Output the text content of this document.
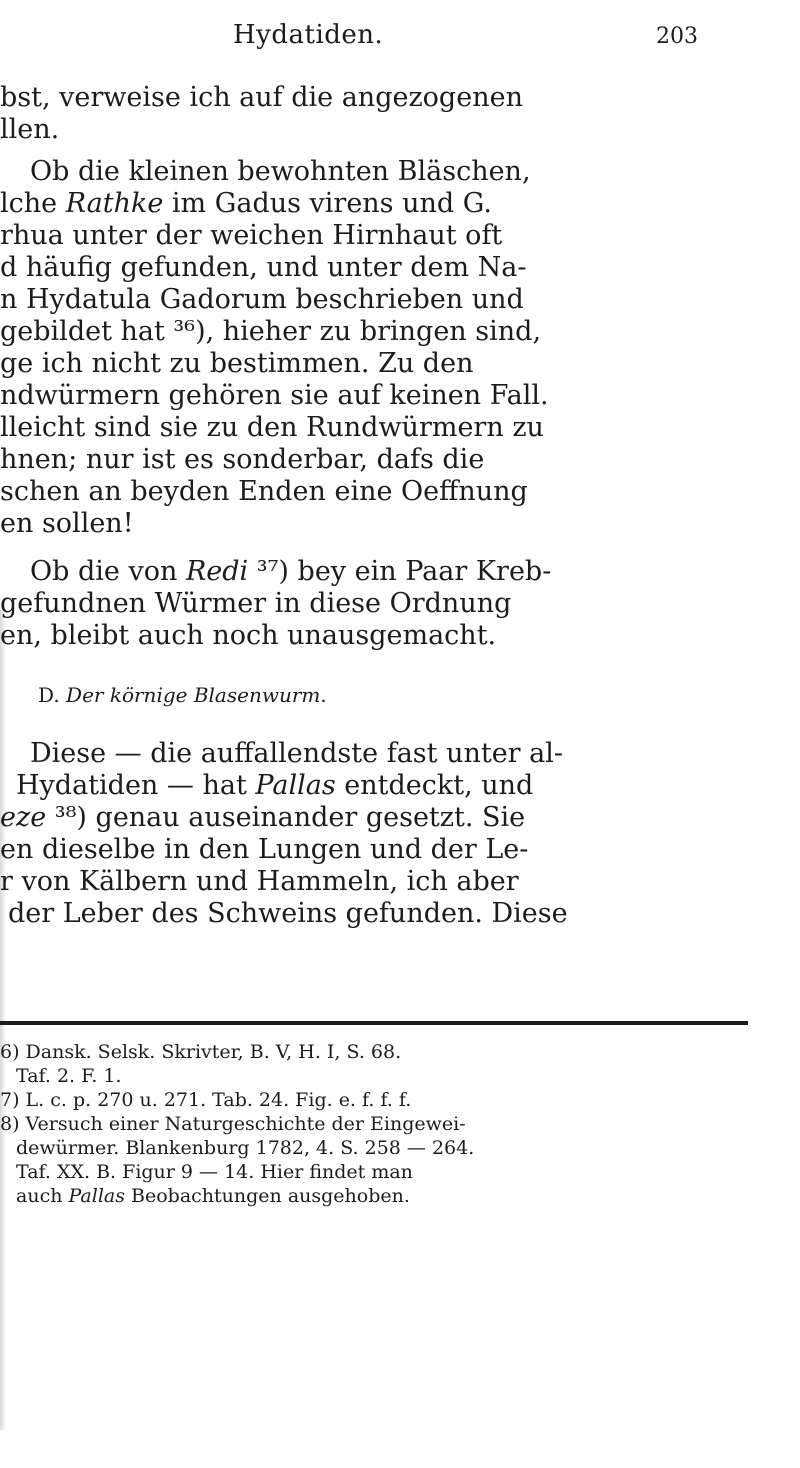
Hydatiden.	203
bst, verweise ich auf die angezogenen
llen.
Ob die kleinen bewohnten Bläschen,
lche Rathke im Gadus virens und G.
rhua unter der weichen Hirnhaut oft
d häufig gefunden, und unter dem Na-
n Hydatula Gadorum beschrieben und
gebildet hat ³⁶), hieher zu bringen sind,
ge ich nicht zu bestimmen. Zu den
ndwürmern gehören sie auf keinen Fall.
lleicht sind sie zu den Rundwürmern zu
hnen; nur ist es sonderbar, dafs die
schen an beyden Enden eine Oeffnung
en sollen!
Ob die von Redi ³⁷) bey ein Paar Kreb-
gefundnen Würmer in diese Ordnung
en, bleibt auch noch unausgemacht.
D. Der körnige Blasenwurm.
Diese — die auffallendste fast unter al-
Hydatiden — hat Pallas entdeckt, und
eze ³⁸) genau auseinander gesetzt. Sie
en dieselbe in den Lungen und der Le-
r von Kälbern und Hammeln, ich aber
der Leber des Schweins gefunden. Diese
6) Dansk. Selsk. Skrivter, B. V, H. I, S. 68.
Taf. 2. F. 1.
7) L. c. p. 270 u. 271. Tab. 24. Fig. e. f. f. f.
8) Versuch einer Naturgeschichte der Eingewei-
dewürmer. Blankenburg 1782, 4. S. 258 — 264.
Taf. XX. B. Figur 9 — 14. Hier findet man
auch Pallas Beobachtungen ausgehoben.
